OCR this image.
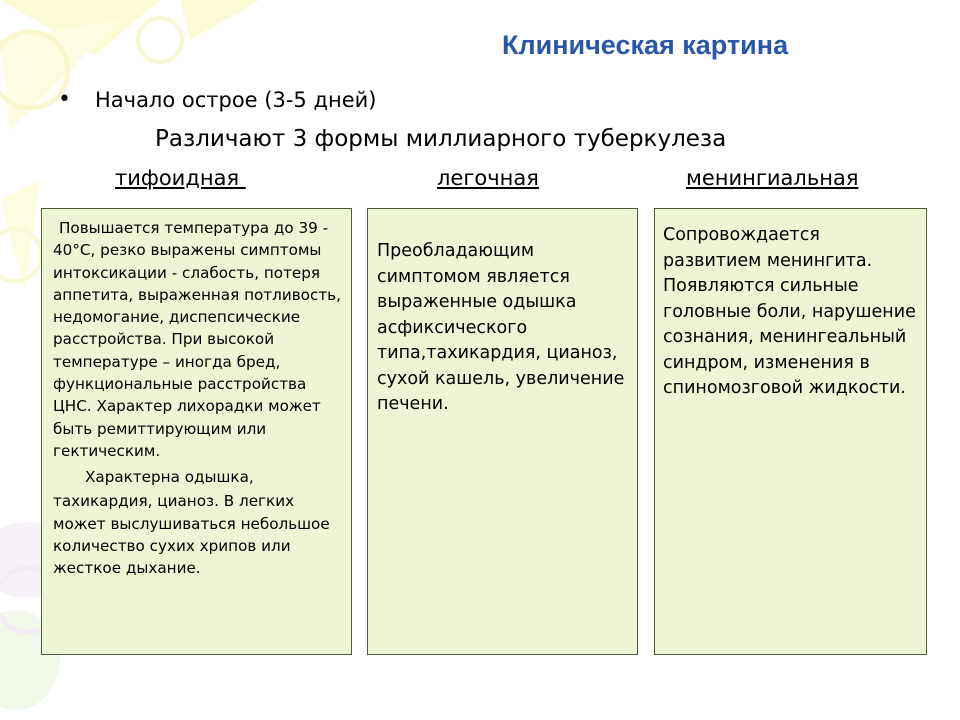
Клиническая картина
• Начало острое (3-5 дней)
Различают 3 формы миллиарного туберкулеза
тифоидная	легочная	менингиальная

Повышается температура до 39 - 40°С, резко выражены симптомы интоксикации - слабость, потеря аппетита, выраженная потливость, недомогание, диспепсические расстройства. При высокой температуре – иногда бред, функциональные расстройства ЦНС. Характер лихорадки может быть ремиттирующим или гектическим.

Характерна одышка,

тахикардия, цианоз. В легких может выслушиваться небольшое количество сухих хрипов или жесткое дыхание.

Преобладающим симптомом является выраженные одышка асфиксического типа,тахикардия, цианоз, сухой кашель, увеличение печени.

Сопровождается развитием менингита. Появляются сильные головные боли, нарушение сознания, менингеальный синдром, изменения в спиномозговой жидкости.
